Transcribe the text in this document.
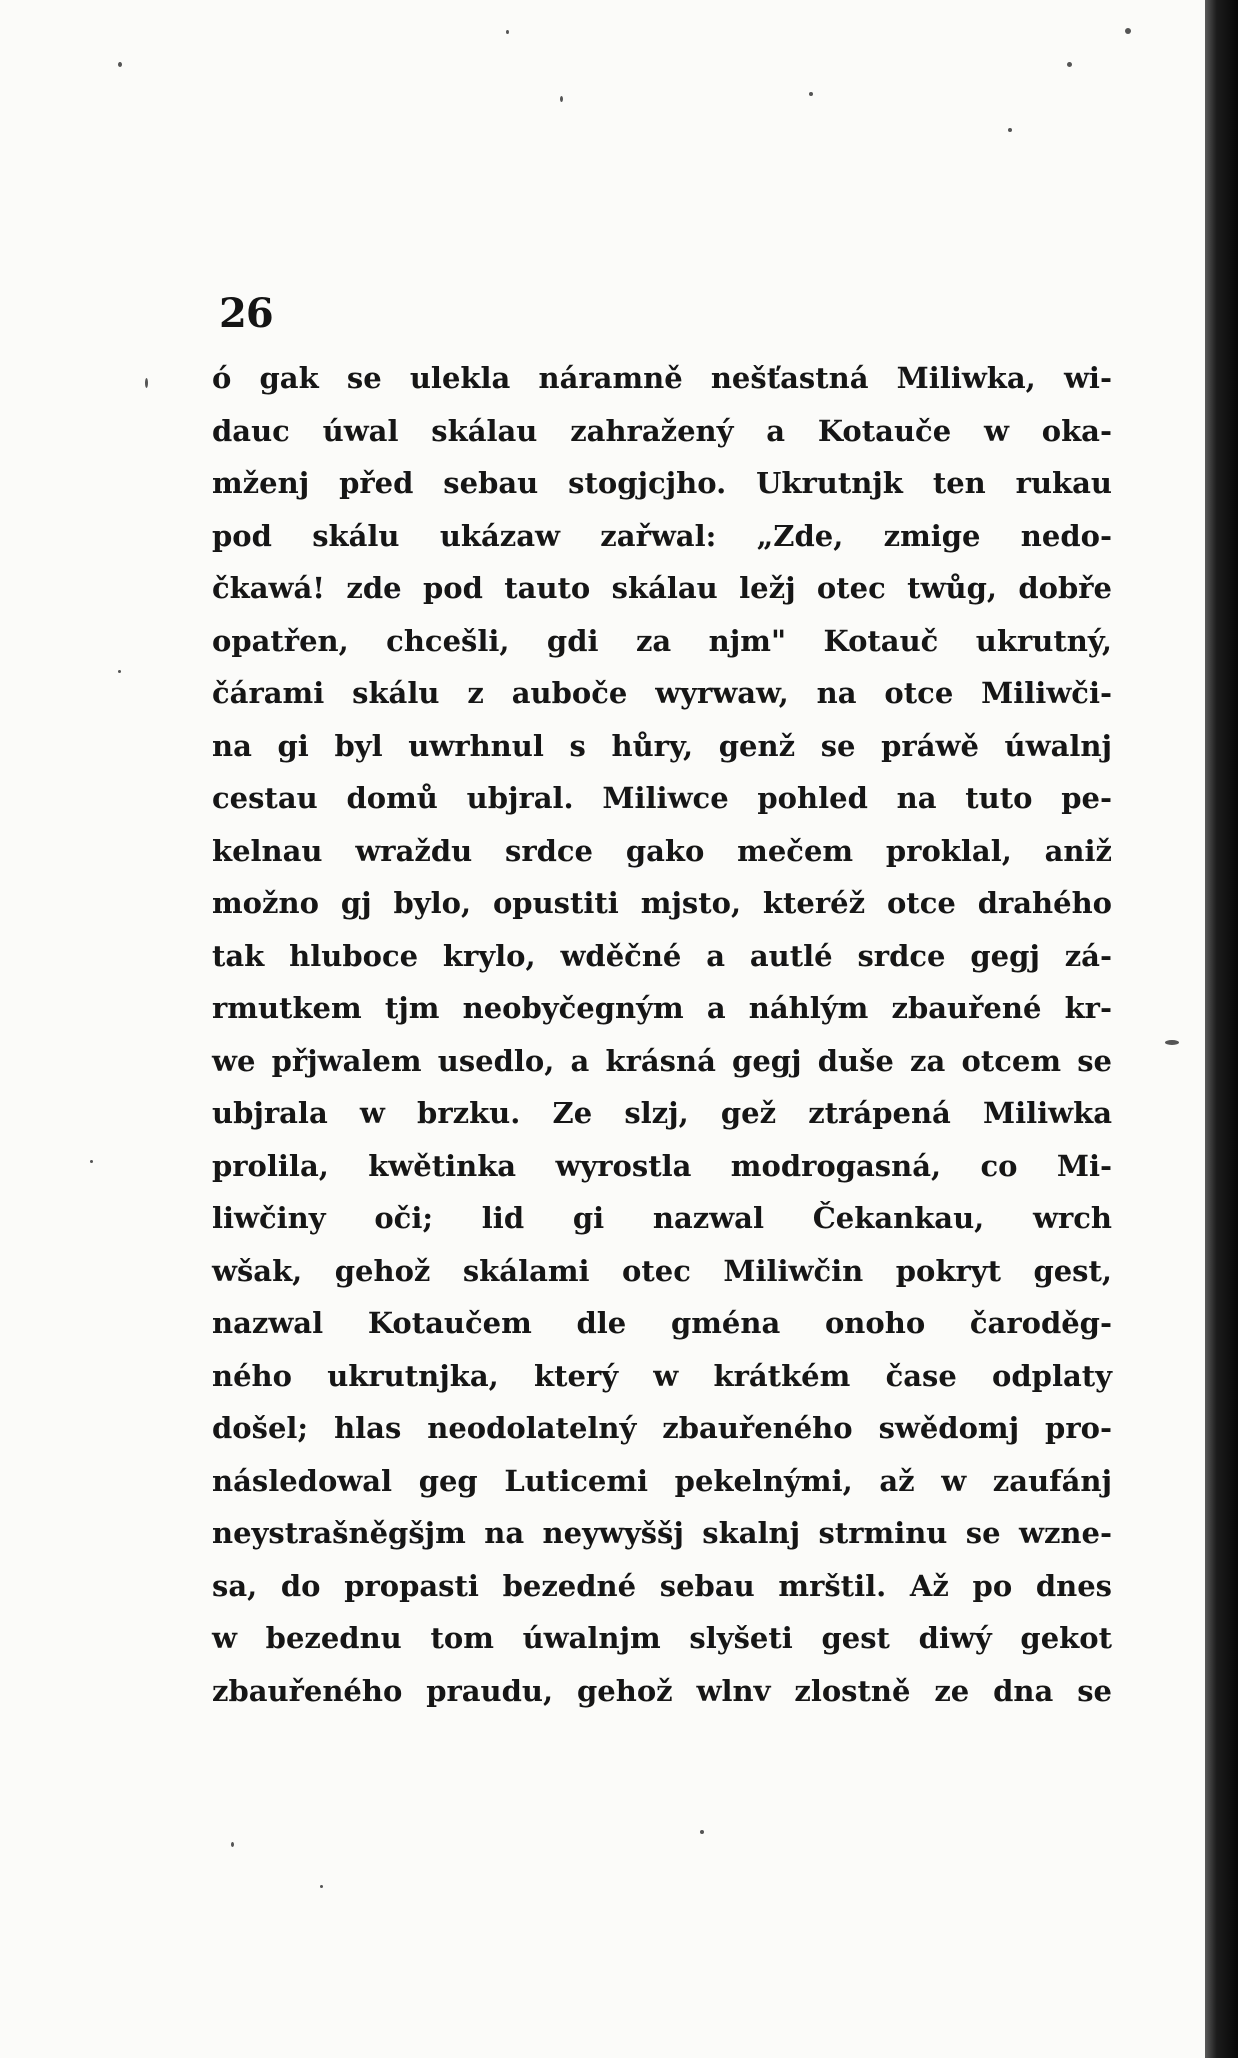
26
ó gak se ulekla náramně nešťastná Miliwka, wi-
dauc úwal skálau zahražený a Kotauče w oka-
mženj před sebau stogjcjho. Ukrutnjk ten rukau
pod skálu ukázaw zařwal: „Zde, zmige nedo-
čkawá! zde pod tauto skálau ležj otec twůg, dobře
opatřen, chcešli, gdi za njm" Kotauč ukrutný,
čárami skálu z auboče wyrwaw, na otce Miliwči-
na gi byl uwrhnul s hůry, genž se práwě úwalnj
cestau domů ubjral. Miliwce pohled na tuto pe-
kelnau wraždu srdce gako mečem proklal, aniž
možno gj bylo, opustiti mjsto, kteréž otce drahého
tak hluboce krylo, wděčné a autlé srdce gegj zá-
rmutkem tjm neobyčegným a náhlým zbauřené kr-
we přjwalem usedlo, a krásná gegj duše za otcem se
ubjrala w brzku. Ze slzj, gež ztrápená Miliwka
prolila, kwětinka wyrostla modrogasná, co Mi-
liwčiny oči; lid gi nazwal Čekankau, wrch
wšak, gehož skálami otec Miliwčin pokryt gest,
nazwal Kotaučem dle gména onoho čaroděg-
ného ukrutnjka, který w krátkém čase odplaty
došel; hlas neodolatelný zbauřeného swědomj pro-
následowal geg Luticemi pekelnými, až w zaufánj
neystrašněgšjm na neywyššj skalnj strminu se wzne-
sa, do propasti bezedné sebau mrštil. Až po dnes
w bezednu tom úwalnjm slyšeti gest diwý gekot
zbauřeného praudu, gehož wlnv zlostně ze dna se
